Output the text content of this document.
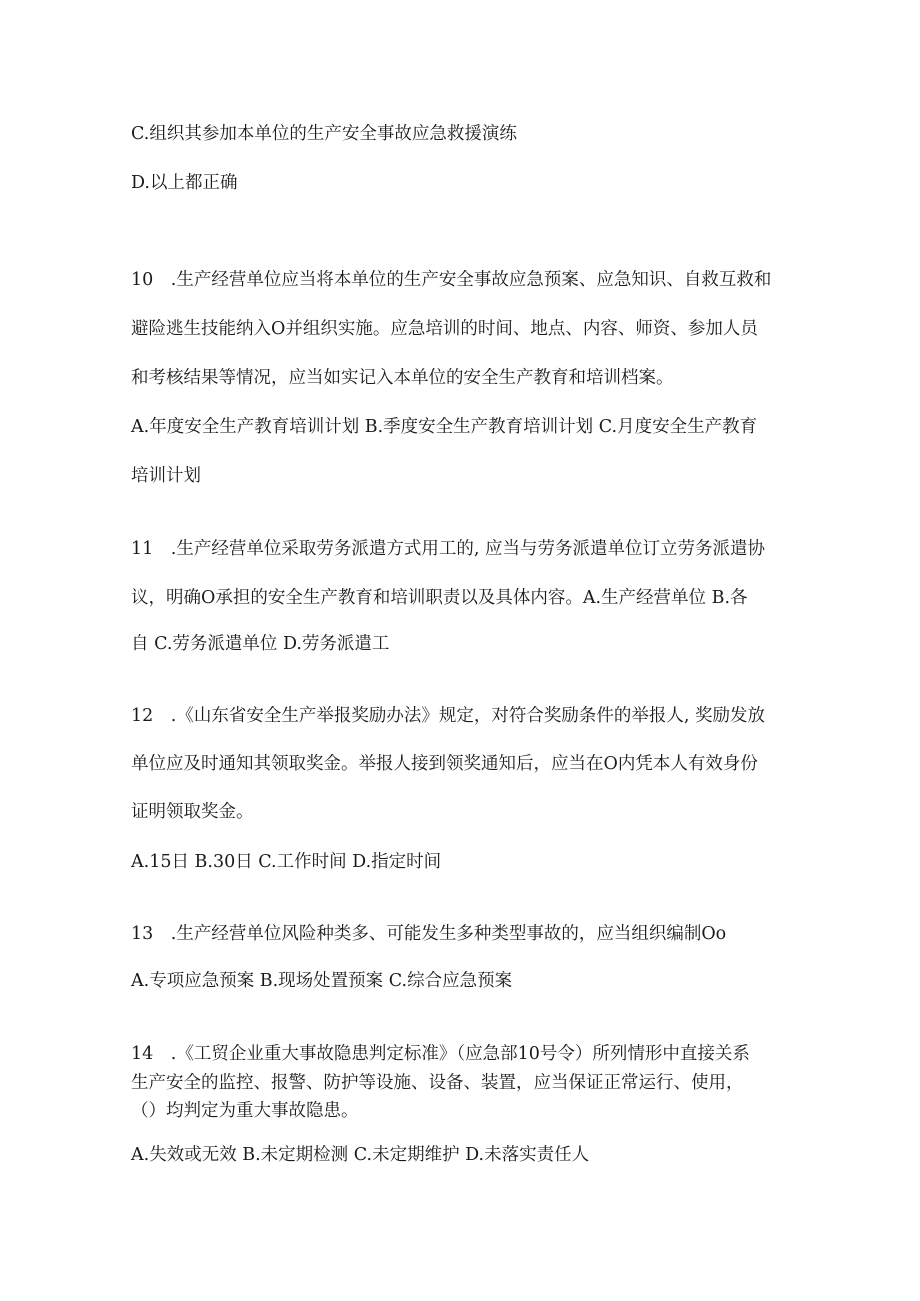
C.组织其参加本单位的生产安全事故应急救援演练
D.以上都正确
10　.生产经营单位应当将本单位的生产安全事故应急预案、应急知识、自救互救和
避险逃生技能纳入O并组织实施。应急培训的时间、地点、内容、师资、参加人员
和考核结果等情况，应当如实记入本单位的安全生产教育和培训档案。
A.年度安全生产教育培训计划 B.季度安全生产教育培训计划 C.月度安全生产教育
培训计划
11　.生产经营单位采取劳务派遣方式用工的, 应当与劳务派遣单位订立劳务派遣协
议，明确O承担的安全生产教育和培训职责以及具体内容。A.生产经营单位 B.各
自 C.劳务派遣单位 D.劳务派遣工
12　.《山东省安全生产举报奖励办法》规定，对符合奖励条件的举报人, 奖励发放
单位应及时通知其领取奖金。举报人接到领奖通知后，应当在O内凭本人有效身份
证明领取奖金。
A.15日 B.30日 C.工作时间 D.指定时间
13　.生产经营单位风险种类多、可能发生多种类型事故的，应当组织编制Oo
A.专项应急预案 B.现场处置预案 C.综合应急预案
14　.《工贸企业重大事故隐患判定标准》（应急部10号令）所列情形中直接关系
生产安全的监控、报警、防护等设施、设备、装置，应当保证正常运行、使用，
（）均判定为重大事故隐患。
A.失效或无效 B.未定期检测 C.未定期维护 D.未落实责任人
